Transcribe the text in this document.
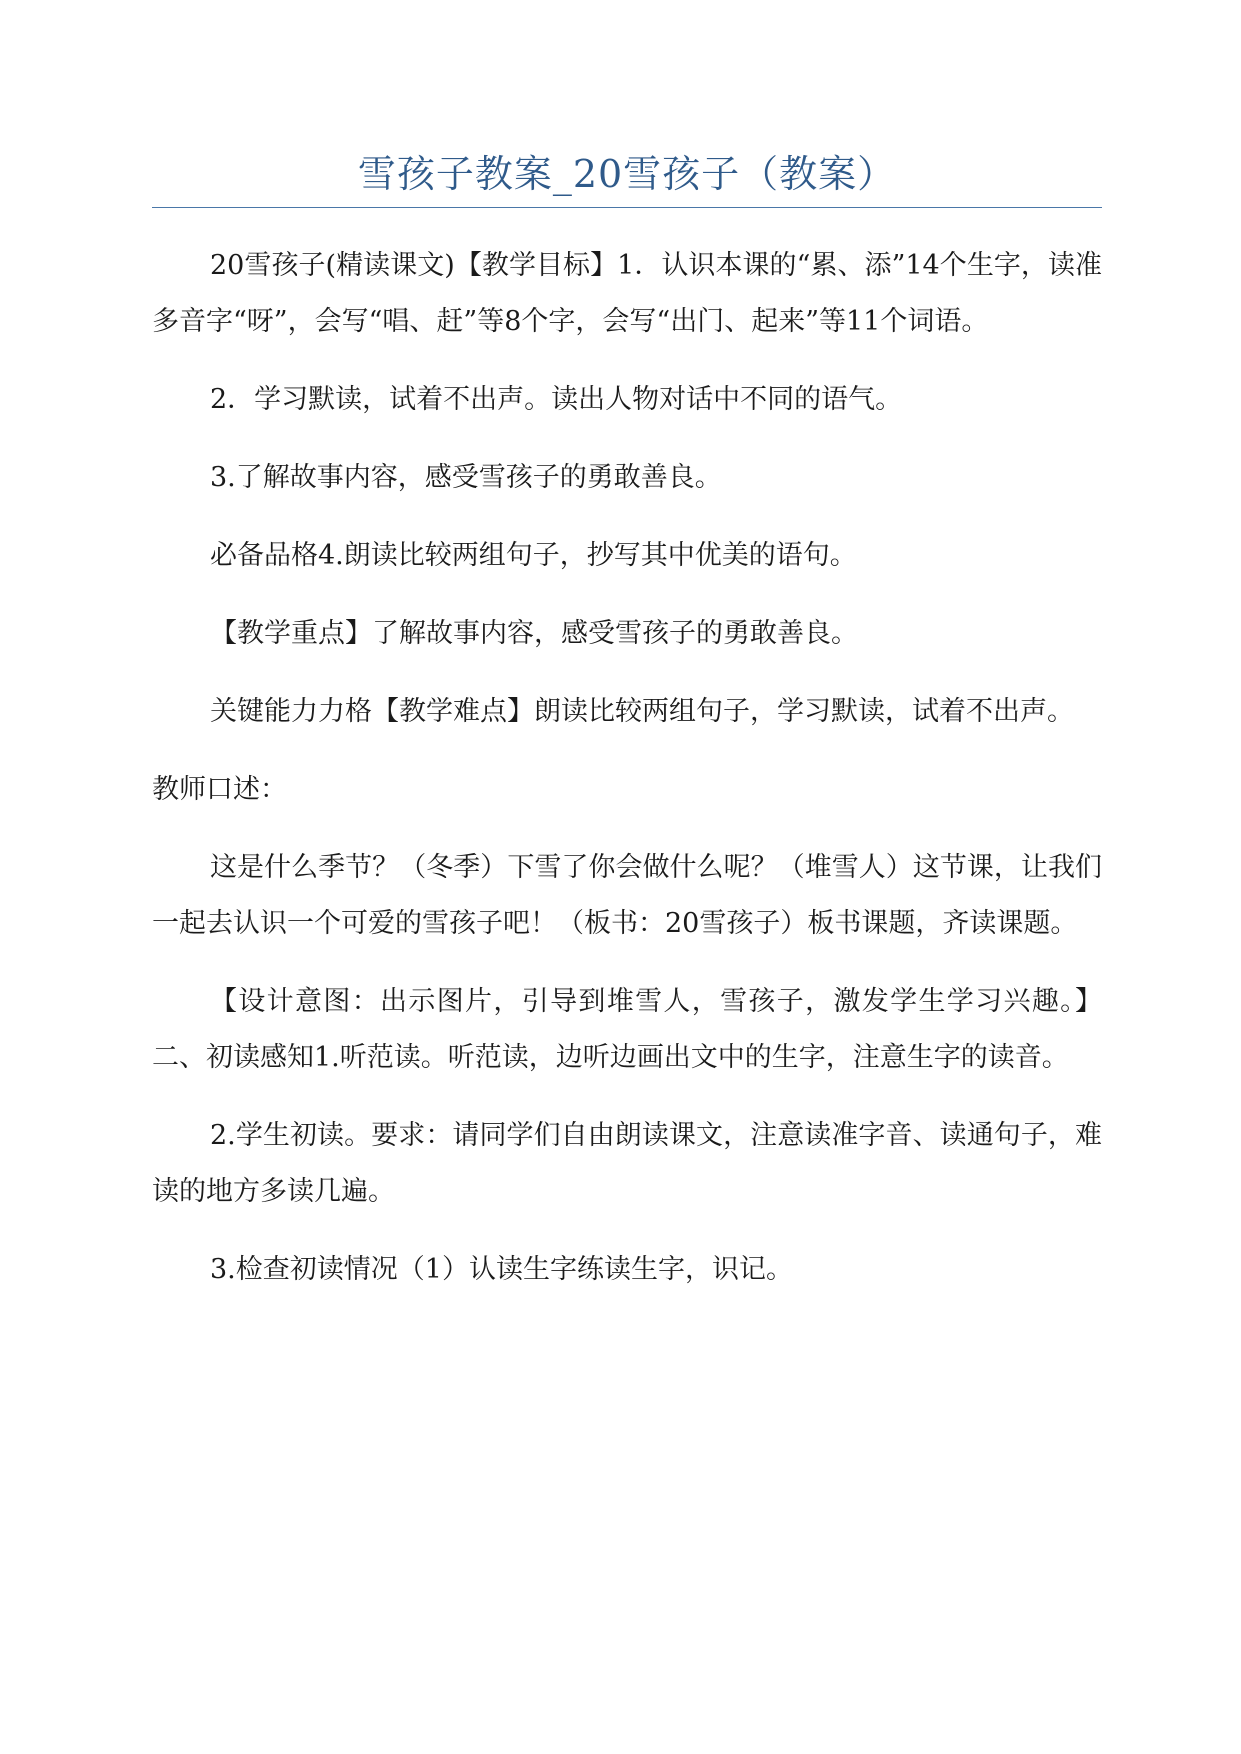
雪孩子教案_20雪孩子（教案）

20雪孩子(精读课文)【教学目标】1．认识本课的“累、添”14个生字，读准多音字“呀”，会写“唱、赶”等8个字，会写“出门、起来”等11个词语。

2．学习默读，试着不出声。读出人物对话中不同的语气。

3.了解故事内容，感受雪孩子的勇敢善良。

必备品格4.朗读比较两组句子，抄写其中优美的语句。

【教学重点】了解故事内容，感受雪孩子的勇敢善良。

关键能力力格【教学难点】朗读比较两组句子，学习默读，试着不出声。

教师口述：

这是什么季节？（冬季）下雪了你会做什么呢？（堆雪人）这节课，让我们一起去认识一个可爱的雪孩子吧！（板书：20雪孩子）板书课题，齐读课题。

【设计意图：出示图片，引导到堆雪人，雪孩子，激发学生学习兴趣。】二、初读感知1.听范读。听范读，边听边画出文中的生字，注意生字的读音。

2.学生初读。要求：请同学们自由朗读课文，注意读准字音、读通句子，难读的地方多读几遍。

3.检查初读情况（1）认读生字练读生字，识记。
